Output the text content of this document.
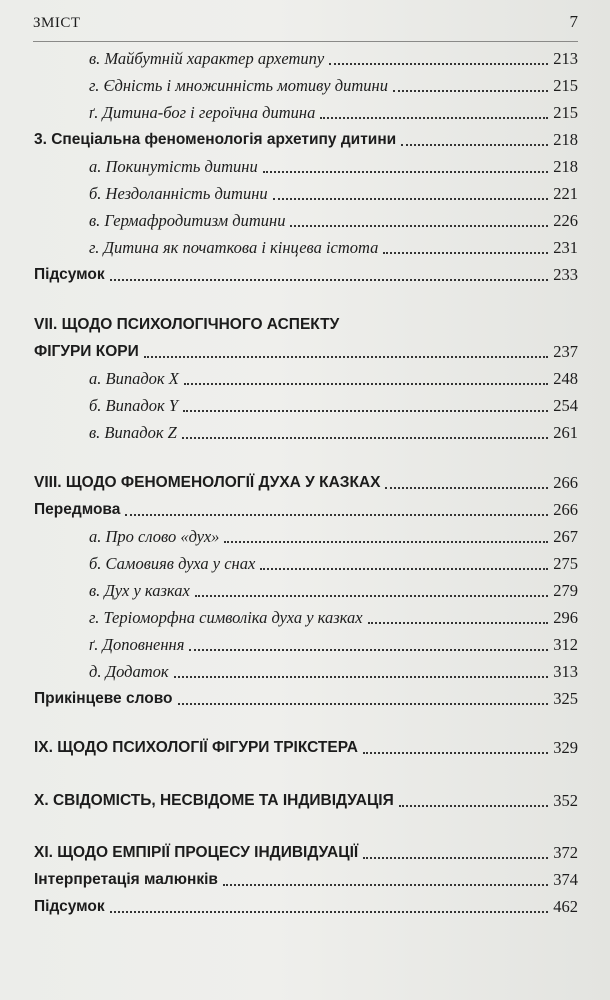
ЗМІСТ	7
в. Майбутній характер архетипу	213
г. Єдність і множинність мотиву дитини	215
ґ. Дитина-бог і героїчна дитина	215
3. Спеціальна феноменологія архетипу дитини	218
а. Покинутість дитини	218
б. Нездоланність дитини	221
в. Гермафродитизм дитини	226
г. Дитина як початкова і кінцева істота	231
Підсумок	233
VII. ЩОДО ПСИХОЛОГІЧНОГО АСПЕКТУ
ФІГУРИ КОРИ	237
а. Випадок X	248
б. Випадок Y	254
в. Випадок Z	261
VIII. ЩОДО ФЕНОМЕНОЛОГІЇ ДУХА У КАЗКАХ	266
Передмова	266
а. Про слово «дух»	267
б. Самовияв духа у снах	275
в. Дух у казках	279
г. Теріоморфна символіка духа у казках	296
ґ. Доповнення	312
д. Додаток	313
Прикінцеве слово	325
IX. ЩОДО ПСИХОЛОГІЇ ФІГУРИ ТРІКСТЕРА	329
X. СВІДОМІСТЬ, НЕСВІДОМЕ ТА ІНДИВІДУАЦІЯ	352
XI. ЩОДО ЕМПІРІЇ ПРОЦЕСУ ІНДИВІДУАЦІЇ	372
Інтерпретація малюнків	374
Підсумок	462
